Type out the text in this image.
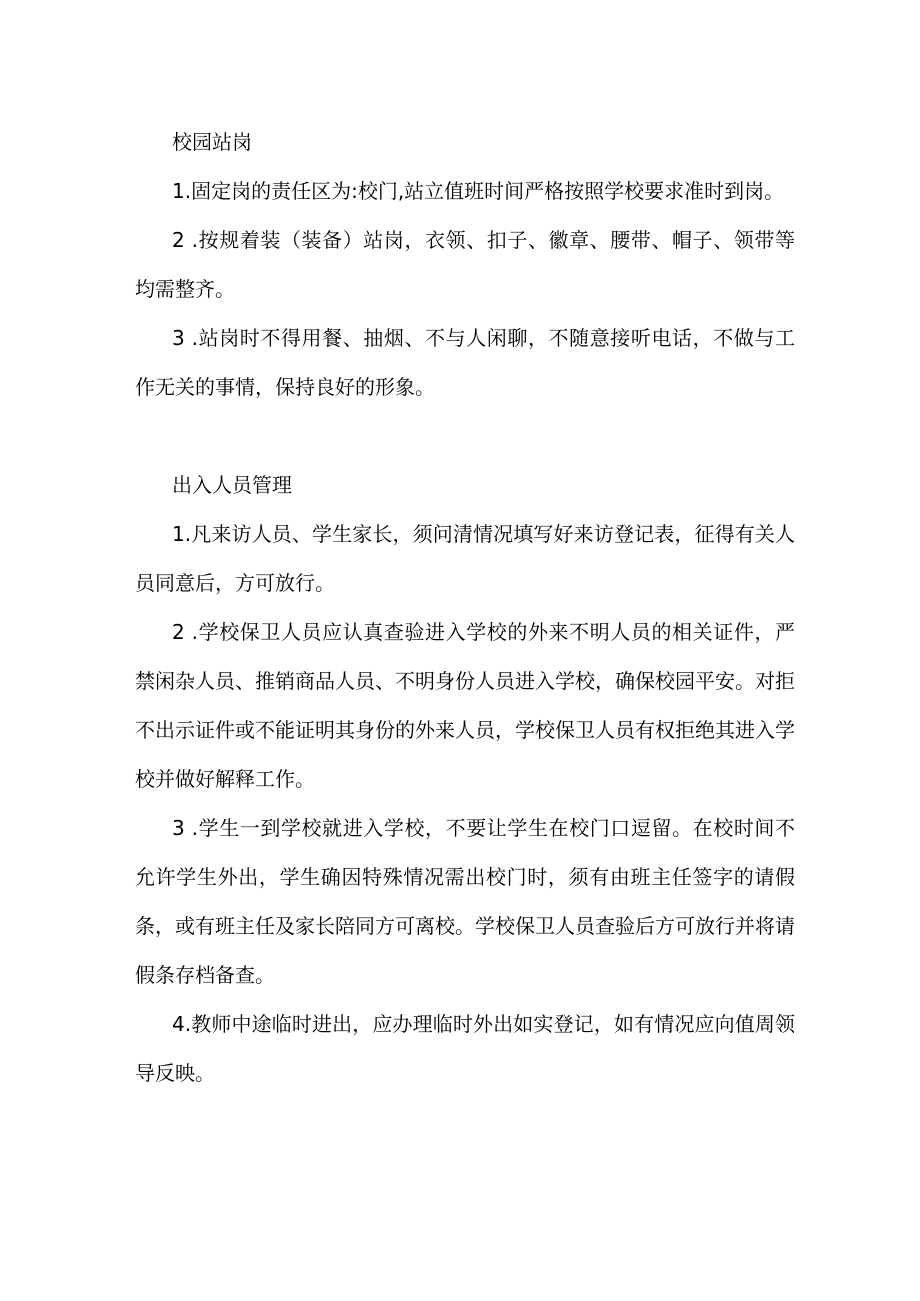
校园站岗

1.固定岗的责任区为:校门,站立值班时间严格按照学校要求准时到岗。

2 .按规着装（装备）站岗，衣领、扣子、徽章、腰带、帽子、领带等均需整齐。

3 .站岗时不得用餐、抽烟、不与人闲聊，不随意接听电话，不做与工作无关的事情，保持良好的形象。

出入人员管理

1.凡来访人员、学生家长，须问清情况填写好来访登记表，征得有关人员同意后，方可放行。

2 .学校保卫人员应认真查验进入学校的外来不明人员的相关证件，严禁闲杂人员、推销商品人员、不明身份人员进入学校，确保校园平安。对拒不出示证件或不能证明其身份的外来人员，学校保卫人员有权拒绝其进入学校并做好解释工作。

3 .学生一到学校就进入学校，不要让学生在校门口逗留。在校时间不允许学生外出，学生确因特殊情况需出校门时，须有由班主任签字的请假条，或有班主任及家长陪同方可离校。学校保卫人员查验后方可放行并将请假条存档备查。

4.教师中途临时进出，应办理临时外出如实登记，如有情况应向值周领导反映。
